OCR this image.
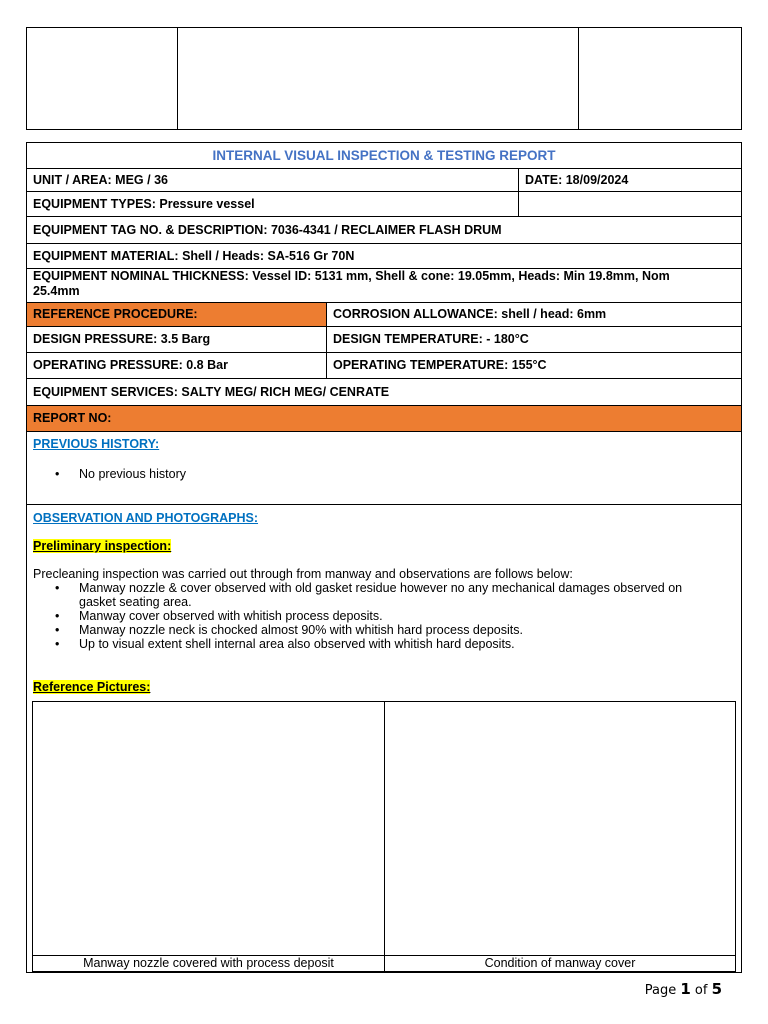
INTERNAL VISUAL INSPECTION & TESTING REPORT
UNIT / AREA: MEG / 36	DATE: 18/09/2024
EQUIPMENT TYPES: Pressure vessel
EQUIPMENT TAG NO. & DESCRIPTION: 7036-4341 / RECLAIMER FLASH DRUM
EQUIPMENT MATERIAL: Shell / Heads: SA-516 Gr 70N
EQUIPMENT NOMINAL THICKNESS: Vessel ID: 5131 mm, Shell & cone: 19.05mm, Heads: Min 19.8mm, Nom
25.4mm
REFERENCE PROCEDURE:	CORROSION ALLOWANCE: shell / head: 6mm
DESIGN PRESSURE: 3.5 Barg	DESIGN TEMPERATURE: - 180°C
OPERATING PRESSURE: 0.8 Bar	OPERATING TEMPERATURE: 155°C
EQUIPMENT SERVICES: SALTY MEG/ RICH MEG/ CENRATE
REPORT NO:
PREVIOUS HISTORY:
• No previous history
OBSERVATION AND PHOTOGRAPHS:
Preliminary inspection:
Precleaning inspection was carried out through from manway and observations are follows below:
• Manway nozzle & cover observed with old gasket residue however no any mechanical damages observed on
gasket seating area.
• Manway cover observed with whitish process deposits.
• Manway nozzle neck is chocked almost 90% with whitish hard process deposits.
• Up to visual extent shell internal area also observed with whitish hard deposits.
Reference Pictures:
Manway nozzle covered with process deposit	Condition of manway cover
Page 1 of 5
